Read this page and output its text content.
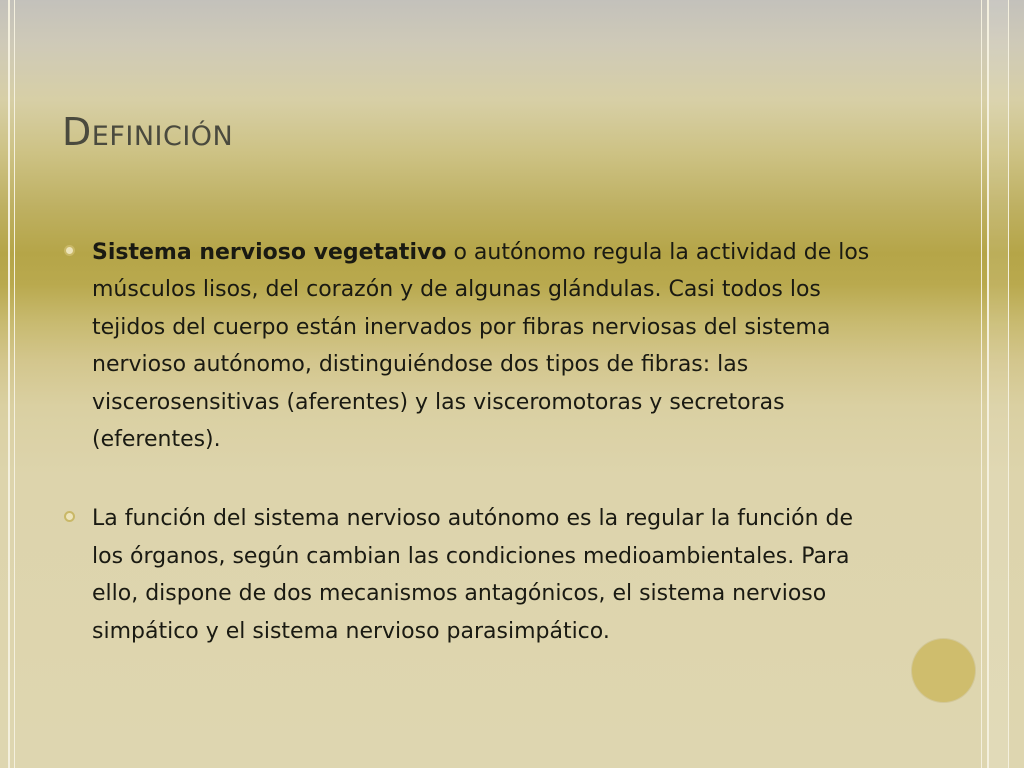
Definición

Sistema nervioso vegetativo o autónomo regula la actividad de los músculos lisos, del corazón y de algunas glándulas. Casi todos los tejidos del cuerpo están inervados por fibras nerviosas del sistema nervioso autónomo, distinguiéndose dos tipos de fibras: las viscerosensitivas (aferentes) y las visceromotoras y secretoras (eferentes).

La función del sistema nervioso autónomo es la regular la función de los órganos, según cambian las condiciones medioambientales. Para ello, dispone de dos mecanismos antagónicos, el sistema nervioso simpático y el sistema nervioso parasimpático.
